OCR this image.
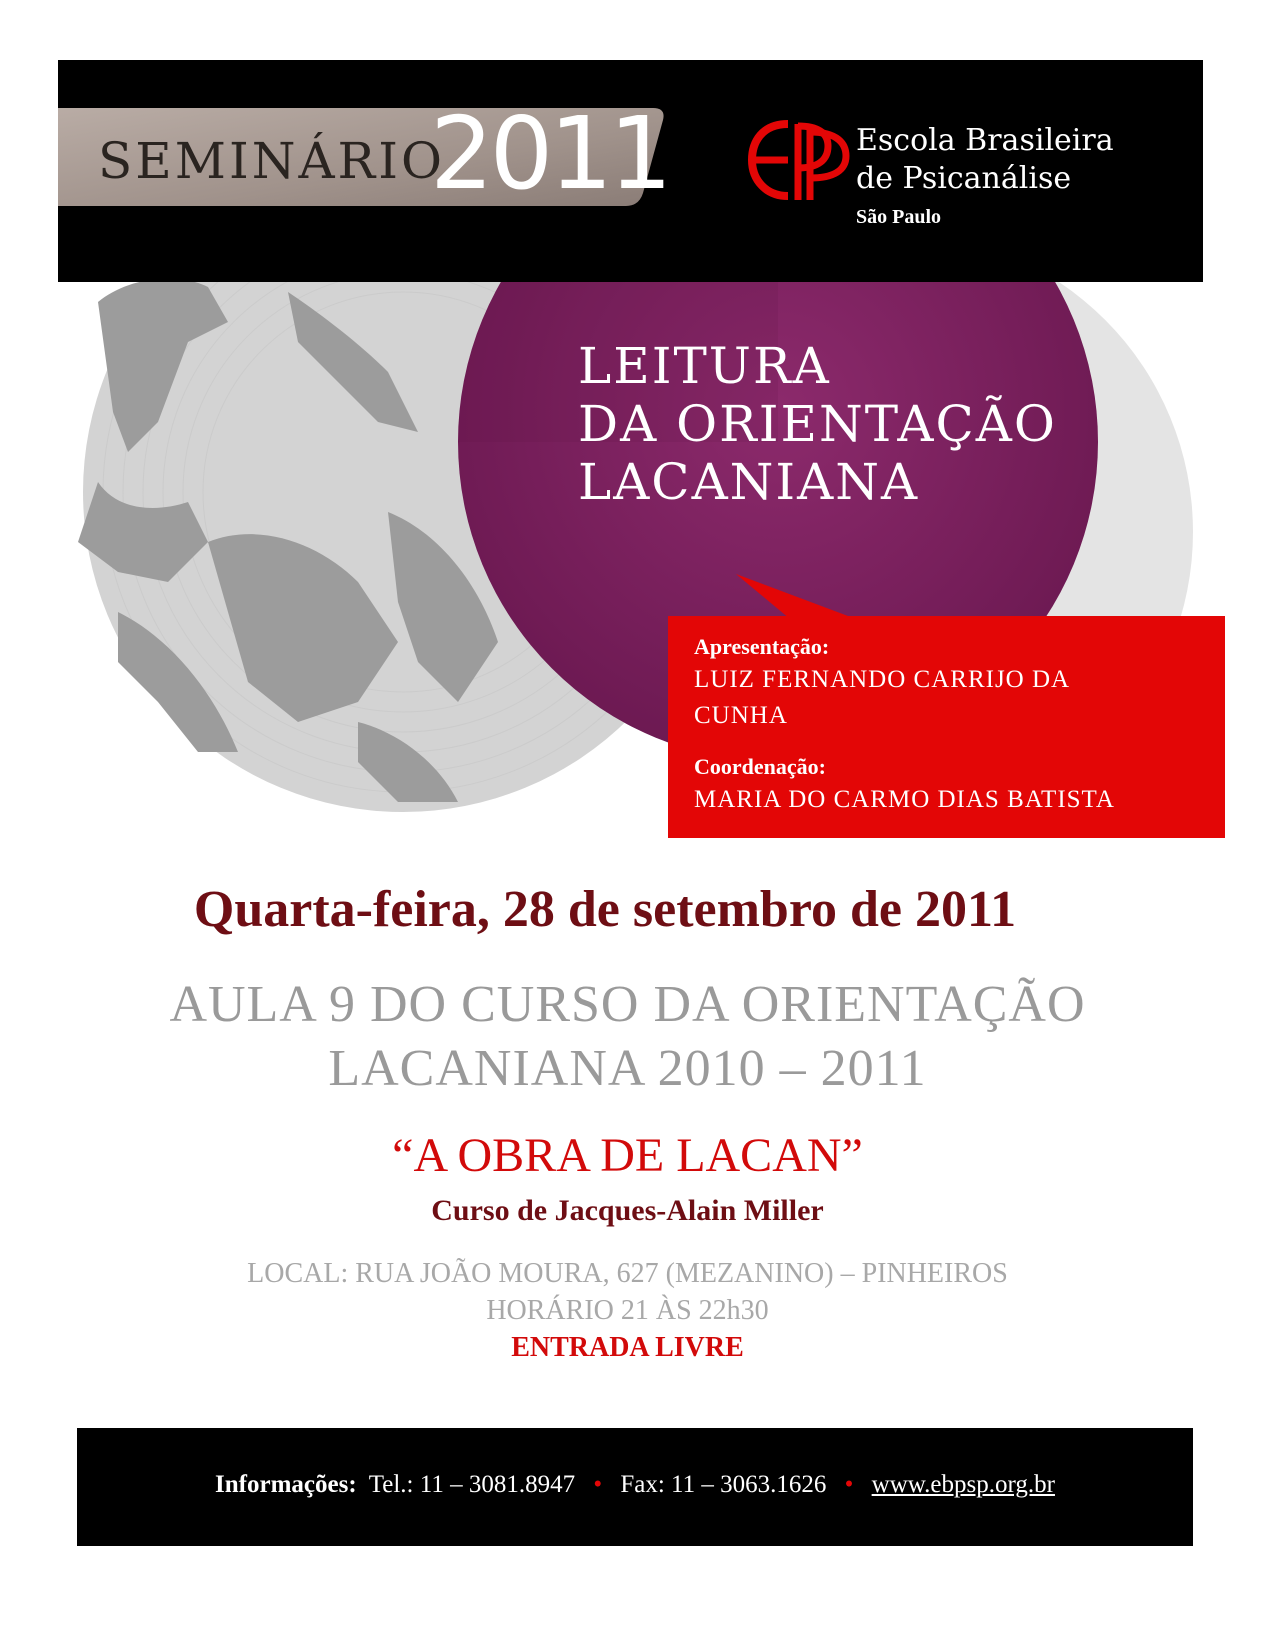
SEMINÁRIO
2011	Escola Brasileira
de Psicanálise
São Paulo
LEITURA
DA ORIENTAÇÃO
LACANIANA
Apresentação:
LUIZ FERNANDO CARRIJO DA
CUNHA
Coordenação:
MARIA DO CARMO DIAS BATISTA
Quarta-feira, 28 de setembro de 2011
AULA 9 DO CURSO DA ORIENTAÇÃO
LACANIANA 2010 – 2011
“A OBRA DE LACAN”
Curso de Jacques-Alain Miller
LOCAL: RUA JOÃO MOURA, 627 (MEZANINO) – PINHEIROS
HORÁRIO 21 ÀS 22h30
ENTRADA LIVRE
Informações: Tel.: 11 – 3081.8947 • Fax: 11 – 3063.1626 • www.ebpsp.org.br
